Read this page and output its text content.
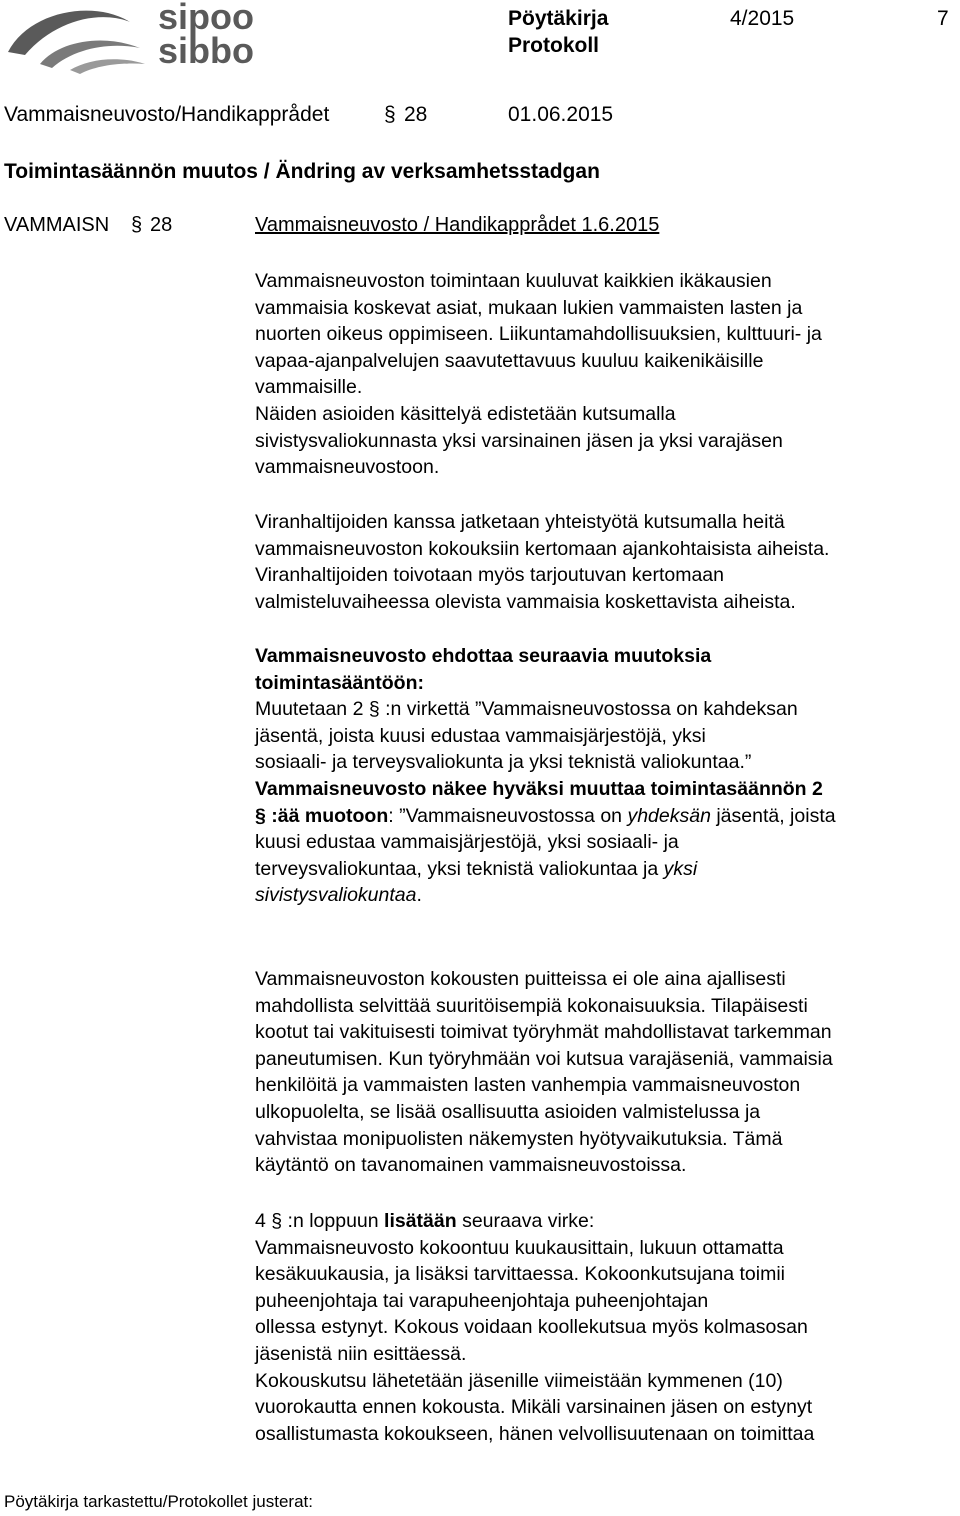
sipoo
sibbo
Pöytäkirja
Protokoll
4/2015	7
Vammaisneuvosto/Handikapprådet	§ 28	01.06.2015
Toimintasäännön muutos / Ändring av verksamhetsstadgan
VAMMAISN § 28	Vammaisneuvosto / Handikapprådet 1.6.2015

Vammaisneuvoston toimintaan kuuluvat kaikkien ikäkausien

vammaisia koskevat asiat, mukaan lukien vammaisten lasten ja

nuorten oikeus oppimiseen. Liikuntamahdollisuuksien, kulttuuri- ja

vapaa-ajanpalvelujen saavutettavuus kuuluu kaikenikäisille

vammaisille.

Näiden asioiden käsittelyä edistetään kutsumalla

sivistysvaliokunnasta yksi varsinainen jäsen ja yksi varajäsen

vammaisneuvostoon.

Viranhaltijoiden kanssa jatketaan yhteistyötä kutsumalla heitä

vammaisneuvoston kokouksiin kertomaan ajankohtaisista aiheista.

Viranhaltijoiden toivotaan myös tarjoutuvan kertomaan

valmisteluvaiheessa olevista vammaisia koskettavista aiheista.

Vammaisneuvosto ehdottaa seuraavia muutoksia

toimintasääntöön:

Muutetaan 2 § :n virkettä ”Vammaisneuvostossa on kahdeksan

jäsentä, joista kuusi edustaa vammaisjärjestöjä, yksi

sosiaali- ja terveysvaliokunta ja yksi teknistä valiokuntaa.”

Vammaisneuvosto näkee hyväksi muuttaa toimintasäännön 2

§ :ää muotoon: ”Vammaisneuvostossa on yhdeksän jäsentä, joista

kuusi edustaa vammaisjärjestöjä, yksi sosiaali- ja

terveysvaliokuntaa, yksi teknistä valiokuntaa ja yksi

sivistysvaliokuntaa.

Vammaisneuvoston kokousten puitteissa ei ole aina ajallisesti

mahdollista selvittää suuritöisempiä kokonaisuuksia. Tilapäisesti

kootut tai vakituisesti toimivat työryhmät mahdollistavat tarkemman

paneutumisen. Kun työryhmään voi kutsua varajäseniä, vammaisia

henkilöitä ja vammaisten lasten vanhempia vammaisneuvoston

ulkopuolelta, se lisää osallisuutta asioiden valmistelussa ja

vahvistaa monipuolisten näkemysten hyötyvaikutuksia. Tämä

käytäntö on tavanomainen vammaisneuvostoissa.

4 § :n loppuun lisätään seuraava virke:

Vammaisneuvosto kokoontuu kuukausittain, lukuun ottamatta

kesäkuukausia, ja lisäksi tarvittaessa. Kokoonkutsujana toimii

puheenjohtaja tai varapuheenjohtaja puheenjohtajan

ollessa estynyt. Kokous voidaan koollekutsua myös kolmasosan

jäsenistä niin esittäessä.

Kokouskutsu lähetetään jäsenille viimeistään kymmenen (10)

vuorokautta ennen kokousta. Mikäli varsinainen jäsen on estynyt

osallistumasta kokoukseen, hänen velvollisuutenaan on toimittaa

Pöytäkirja tarkastettu/Protokollet justerat:
